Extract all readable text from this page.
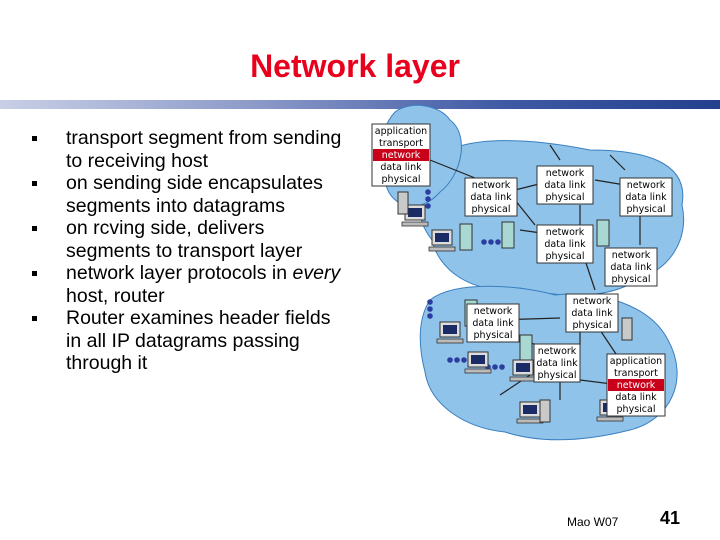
Network layer
transport segment from sending
to receiving host
on sending side encapsulates
segments into datagrams
on rcving side, delivers
segments to transport layer
network layer protocols in every
host, router
Router examines header fields
in all IP datagrams passing
through it
application
transport
network
data link
physical
application
transport
network
data link
physical
network
data link
physical
network
data link
physical
network
data link
physical
network
data link
physical	network
data link
physical
network
data link
physical
network
data link
physical
network
data link
physical
Mao W07 41
